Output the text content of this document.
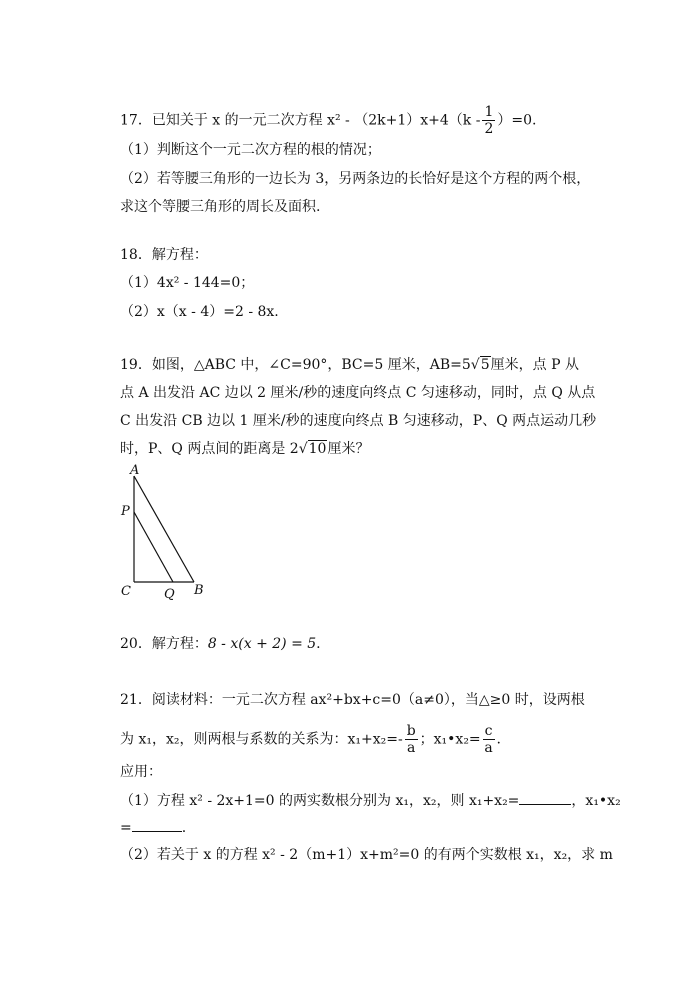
17．已知关于 x 的一元二次方程 $x^2 - (2k+1)x+4(k - \frac{1}{2} )=0$.
（1）判断这个一元二次方程的根的情况；
（2）若等腰三角形的一边长为 3，另两条边的长恰好是这个方程的两个根，
求这个等腰三角形的周长及面积.
18．解方程：
（1）4x² - 144=0；
（2）x（x - 4）=2 - 8x.
19．如图，△ABC 中，∠C=90°，BC=5 厘米，AB=5√5厘米，点 P 从
点 A 出发沿 AC 边以 2 厘米/秒的速度向终点 C 匀速移动，同时，点 Q 从点
C 出发沿 CB 边以 1 厘米/秒的速度向终点 B 匀速移动，P、Q 两点运动几秒
时，P、Q 两点间的距离是 2√10厘米？
A
P
C	Q B
20．解方程：8 - x(x + 2) = 5.
21．阅读材料：一元二次方程 ax²+bx+c=0（a≠0），当△≥0 时，设两根
为 x₁，x₂，则两根与系数的关系为：$x_1+x_2=- \frac{b}{a}$ ；x₁•x₂= $\frac{c}{a}$ .
应用：
（1）方程 x² - 2x+1=0 的两实数根分别为 x₁，x₂，则 x₁+x₂=	，x₁•x₂
=	.
（2）若关于 x 的方程 x² - 2（m+1）x+m²=0 的有两个实数根 x₁，x₂，求 m
